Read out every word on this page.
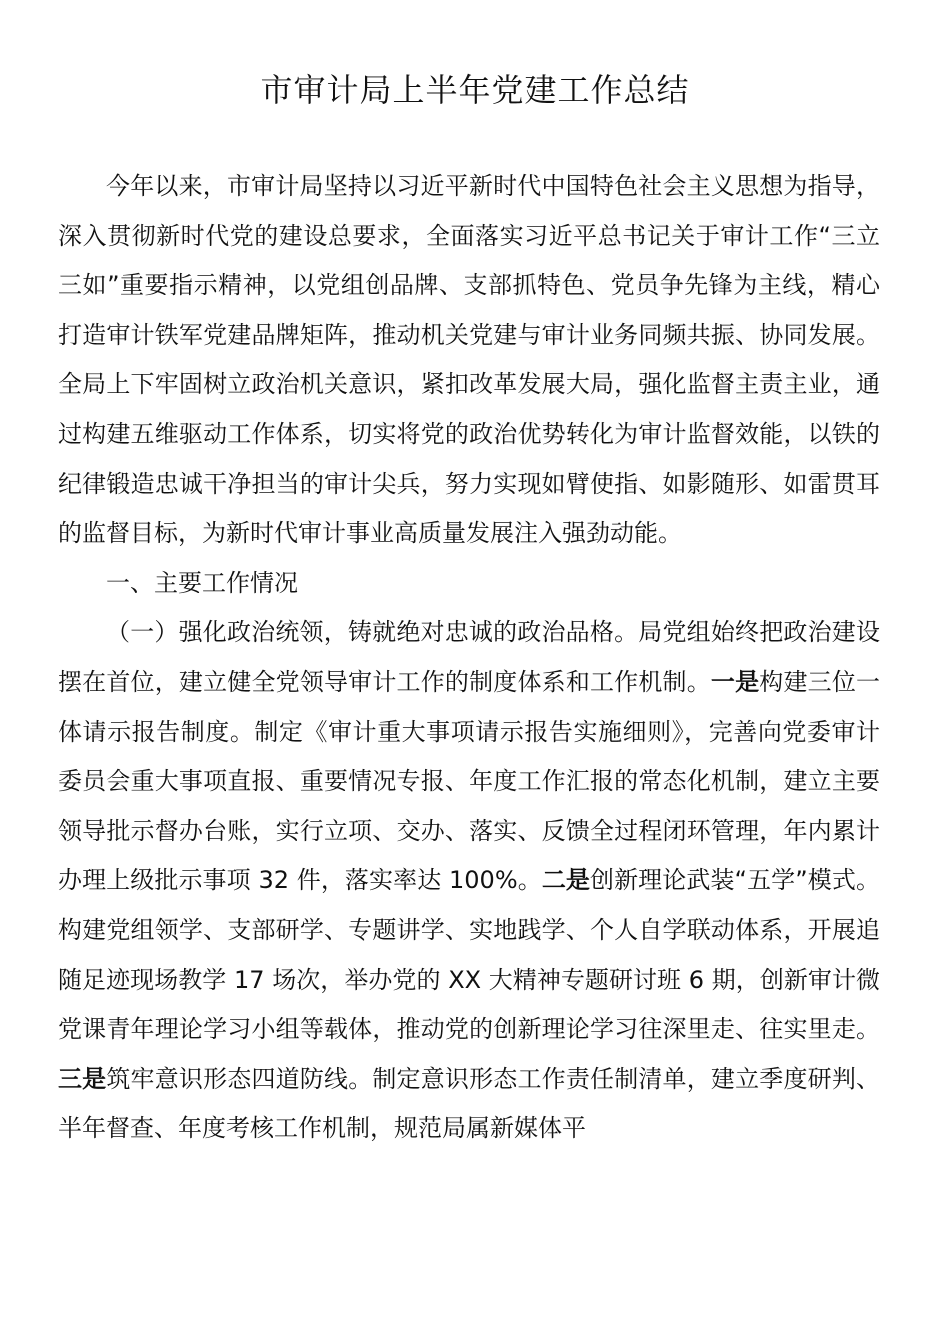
市审计局上半年党建工作总结

今年以来，市审计局坚持以习近平新时代中国特色社会主义思想为指导，深入贯彻新时代党的建设总要求，全面落实习近平总书记关于审计工作“三立三如”重要指示精神，以党组创品牌、支部抓特色、党员争先锋为主线，精心打造审计铁军党建品牌矩阵，推动机关党建与审计业务同频共振、协同发展。全局上下牢固树立政治机关意识，紧扣改革发展大局，强化监督主责主业，通过构建五维驱动工作体系，切实将党的政治优势转化为审计监督效能，以铁的纪律锻造忠诚干净担当的审计尖兵，努力实现如臂使指、如影随形、如雷贯耳的监督目标，为新时代审计事业高质量发展注入强劲动能。

一、主要工作情况

（一）强化政治统领，铸就绝对忠诚的政治品格。局党组始终把政治建设摆在首位，建立健全党领导审计工作的制度体系和工作机制。一是构建三位一体请示报告制度。制定《审计重大事项请示报告实施细则》，完善向党委审计委员会重大事项直报、重要情况专报、年度工作汇报的常态化机制，建立主要领导批示督办台账，实行立项、交办、落实、反馈全过程闭环管理，年内累计办理上级批示事项 32 件，落实率达 100%。二是创新理论武装“五学”模式。构建党组领学、支部研学、专题讲学、实地践学、个人自学联动体系，开展追随足迹现场教学 17 场次，举办党的 XX 大精神专题研讨班 6 期，创新审计微党课青年理论学习小组等载体，推动党的创新理论学习往深里走、往实里走。三是筑牢意识形态四道防线。制定意识形态工作责任制清单，建立季度研判、半年督查、年度考核工作机制，规范局属新媒体平
